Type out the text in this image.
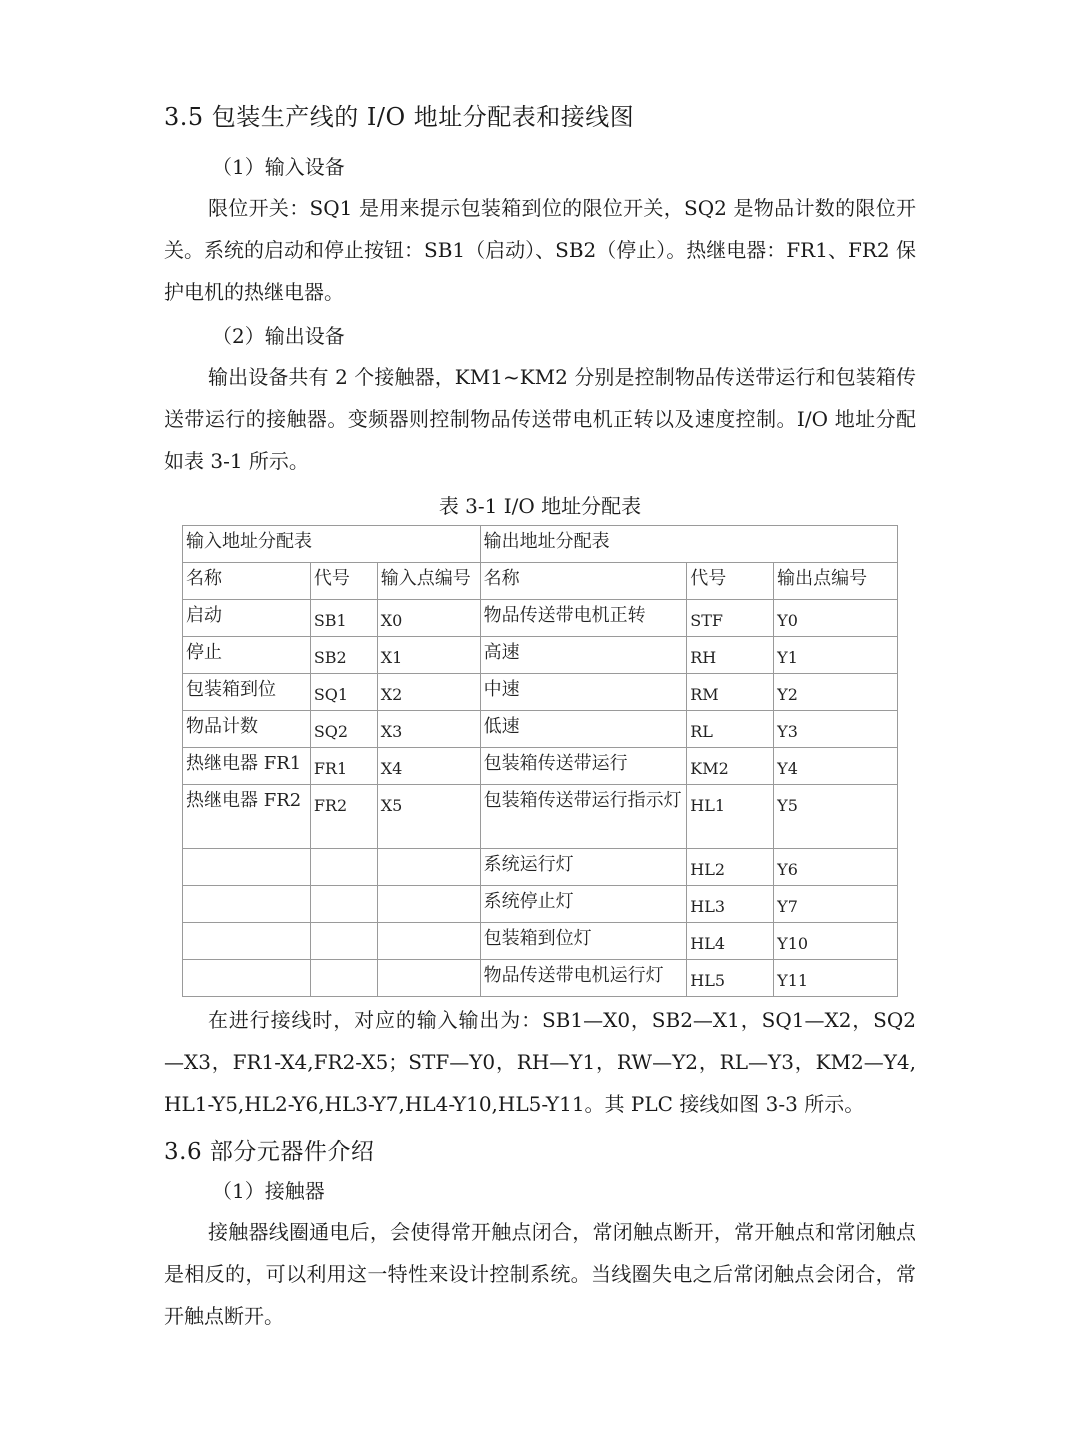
3.5 包装生产线的 I/O 地址分配表和接线图
（1）输入设备

限位开关：SQ1 是用来提示包装箱到位的限位开关，SQ2 是物品计数的限位开关。系统的启动和停止按钮：SB1（启动）、SB2（停止）。热继电器：FR1、FR2 保护电机的热继电器。

（2）输出设备

输出设备共有 2 个接触器，KM1~KM2 分别是控制物品传送带运行和包装箱传送带运行的接触器。变频器则控制物品传送带电机正转以及速度控制。I/O 地址分配如表 3-1 所示。

表 3-1 I/O 地址分配表
输入地址分配表			输出地址分配表		
名称	代号	输入点编号	名称	代号	输出点编号
启动	SB1	X0	物品传送带电机正转	STF	Y0
停止	SB2	X1	高速	RH	Y1
包装箱到位	SQ1	X2	中速	RM	Y2
物品计数	SQ2	X3	低速	RL	Y3
热继电器 FR1	FR1	X4	包装箱传送带运行	KM2	Y4
热继电器 FR2	FR2	X5	包装箱传送带运行指示灯	HL1	Y5
			系统运行灯	HL2	Y6
			系统停止灯	HL3	Y7
			包装箱到位灯	HL4	Y10
			物品传送带电机运行灯	HL5	Y11

在进行接线时，对应的输入输出为：SB1—X0，SB2—X1，SQ1—X2，SQ2—X3，FR1-X4,FR2-X5；STF—Y0，RH—Y1，RW—Y2，RL—Y3，KM2—Y4,HL1-Y5,HL2-Y6,HL3-Y7,HL4-Y10,HL5-Y11。其 PLC 接线如图 3-3 所示。

3.6 部分元器件介绍
（1）接触器

接触器线圈通电后，会使得常开触点闭合，常闭触点断开，常开触点和常闭触点是相反的，可以利用这一特性来设计控制系统。当线圈失电之后常闭触点会闭合，常开触点断开。
